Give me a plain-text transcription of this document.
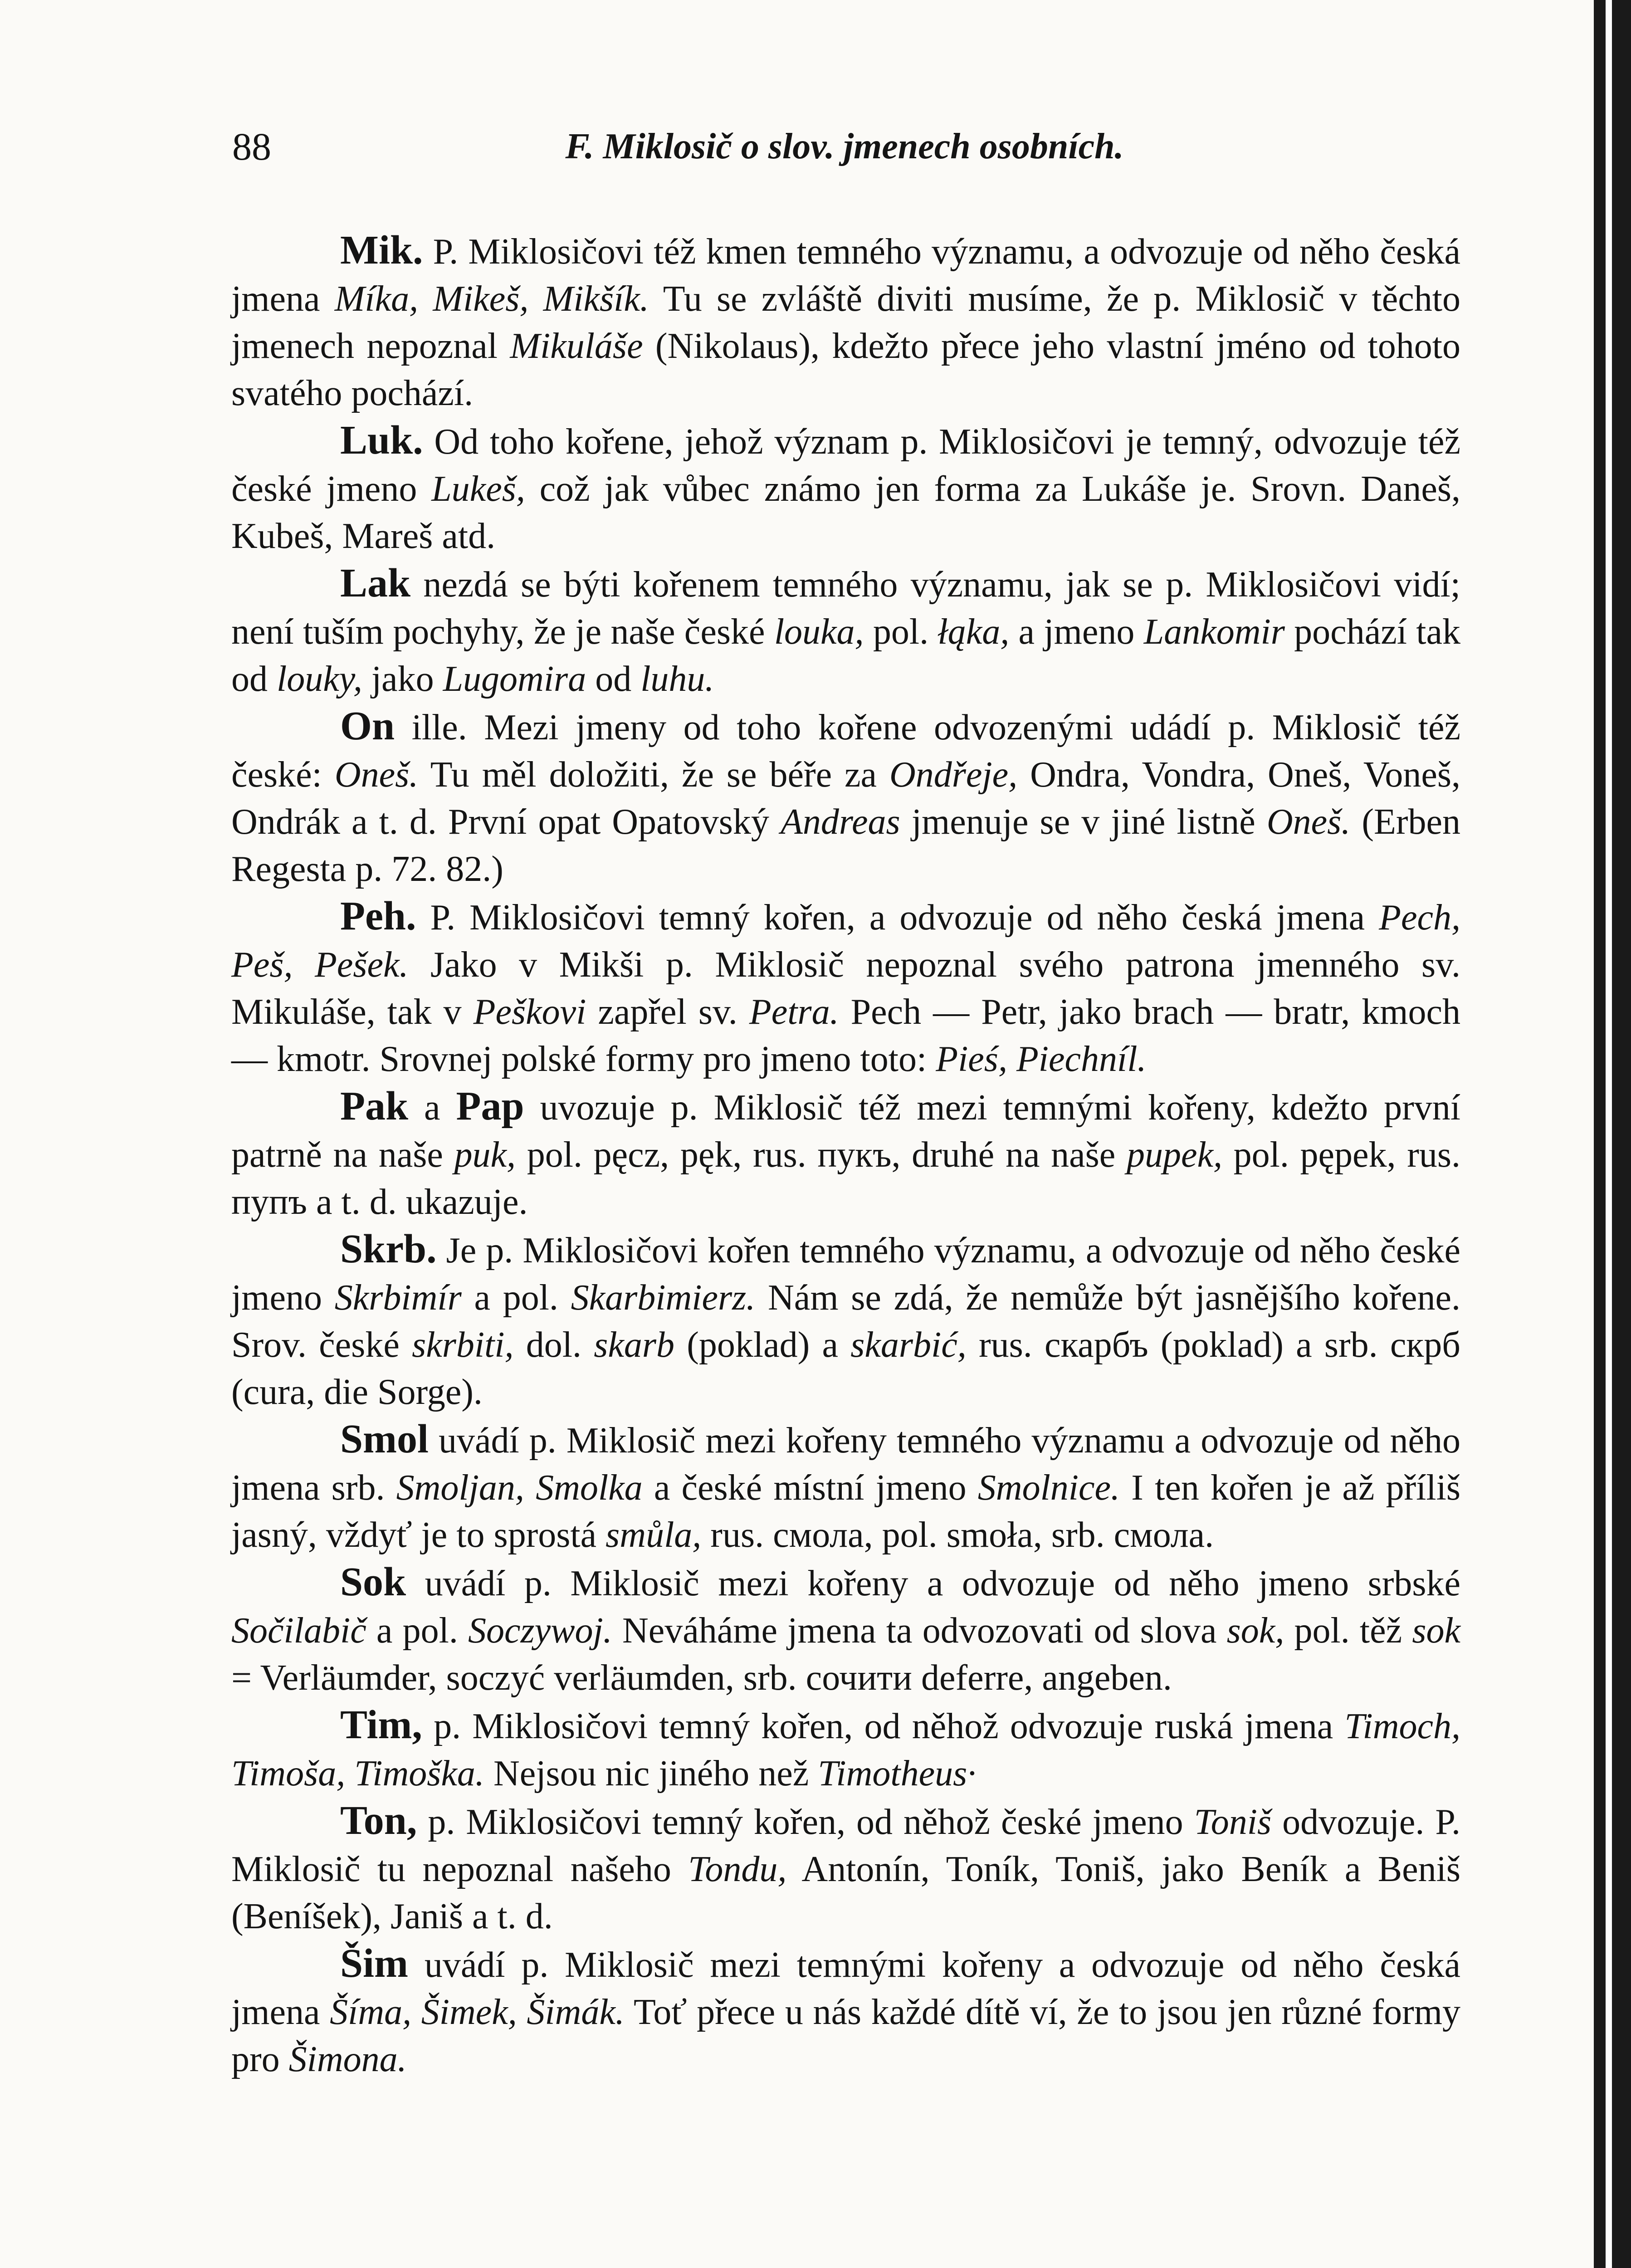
88	F. Miklosič o slov. jmenech osobních.

Mik. P. Miklosičovi též kmen temného významu, a odvozuje od něho česká jmena Míka, Mikeš, Mikšík. Tu se zvláště diviti musíme, že p. Miklosič v těchto jmenech nepoznal Mikuláše (Nikolaus), kdežto přece jeho vlastní jméno od tohoto svatého pochází.

Luk. Od toho kořene, jehož význam p. Miklosičovi je temný, odvozuje též české jmeno Lukeš, což jak vůbec známo jen forma za Lukáše je. Srovn. Daneš, Kubeš, Mareš atd.

Lak nezdá se býti kořenem temného významu, jak se p. Miklosičovi vidí; není tuším pochyhy, že je naše české louka, pol. łąka, a jmeno Lankomir pochází tak od louky, jako Lugomira od luhu.

On ille. Mezi jmeny od toho kořene odvozenými udádí p. Miklosič též české: Oneš. Tu měl doložiti, že se béře za Ondřeje, Ondra, Vondra, Oneš, Voneš, Ondrák a t. d. První opat Opatovský Andreas jmenuje se v jiné listně Oneš. (Erben Regesta p. 72. 82.)

Peh. P. Miklosičovi temný kořen, a odvozuje od něho česká jmena Pech, Peš, Pešek. Jako v Mikši p. Miklosič nepoznal svého patrona jmenného sv. Mikuláše, tak v Peškovi zapřel sv. Petra. Pech — Petr, jako brach — bratr, kmoch — kmotr. Srovnej polské formy pro jmeno toto: Pieś, Piechníl.

Pak a Pap uvozuje p. Miklosič též mezi temnými kořeny, kdežto první patrně na naše puk, pol. pęcz, pęk, rus. пукъ, druhé na naše pupek, pol. pępek, rus. пупъ a t. d. ukazuje.

Skrb. Je p. Miklosičovi kořen temného významu, a odvozuje od něho české jmeno Skrbimír a pol. Skarbimierz. Nám se zdá, že nemůže být jasnějšího kořene. Srov. české skrbiti, dol. skarb (poklad) a skarbić, rus. скарбъ (poklad) a srb. скрб (cura, die Sorge).

Smol uvádí p. Miklosič mezi kořeny temného významu a odvozuje od něho jmena srb. Smoljan, Smolka a české místní jmeno Smolnice. I ten kořen je až příliš jasný, vždyť je to sprostá smůla, rus. смола, pol. smoła, srb. смола.

Sok uvádí p. Miklosič mezi kořeny a odvozuje od něho jmeno srbské Sočilabič a pol. Soczywoj. Neváháme jmena ta odvozovati od slova sok, pol. těž sok = Verläumder, soczyć verläumden, srb. сочити deferre, angeben.

Tim, p. Miklosičovi temný kořen, od něhož odvozuje ruská jmena Timoch, Timoša, Timoška. Nejsou nic jiného než Timotheus·

Ton, p. Miklosičovi temný kořen, od něhož české jmeno Toniš odvozuje. P. Miklosič tu nepoznal našeho Tondu, Antonín, Toník, Toniš, jako Beník a Beniš (Beníšek), Janiš a t. d.

Šim uvádí p. Miklosič mezi temnými kořeny a odvozuje od něho česká jmena Šíma, Šimek, Šimák. Toť přece u nás každé dítě ví, že to jsou jen různé formy pro Šimona.
